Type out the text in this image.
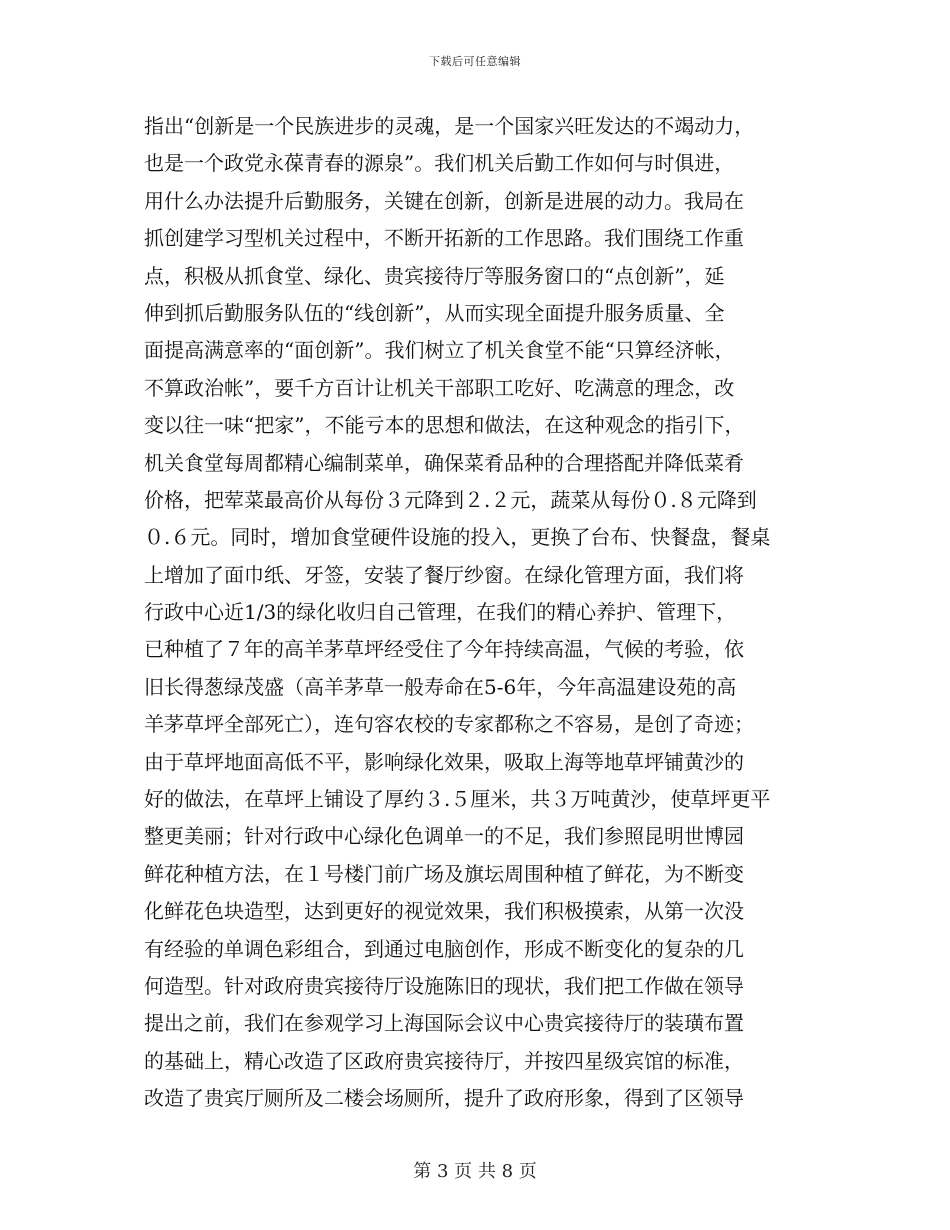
下载后可任意编辑
指出“创新是一个民族进步的灵魂，是一个国家兴旺发达的不竭动力，
也是一个政党永葆青春的源泉”。我们机关后勤工作如何与时俱进，
用什么办法提升后勤服务，关键在创新，创新是进展的动力。我局在
抓创建学习型机关过程中，不断开拓新的工作思路。我们围绕工作重
点，积极从抓食堂、绿化、贵宾接待厅等服务窗口的“点创新”，延
伸到抓后勤服务队伍的“线创新”，从而实现全面提升服务质量、全
面提高满意率的“面创新”。我们树立了机关食堂不能“只算经济帐，
不算政治帐”，要千方百计让机关干部职工吃好、吃满意的理念，改
变以往一味“把家”，不能亏本的思想和做法，在这种观念的指引下，
机关食堂每周都精心编制菜单，确保菜肴品种的合理搭配并降低菜肴
价格，把荤菜最高价从每份３元降到２.２元，蔬菜从每份０.８元降到
０.６元。同时，增加食堂硬件设施的投入，更换了台布、快餐盘，餐桌
上增加了面巾纸、牙签，安装了餐厅纱窗。在绿化管理方面，我们将
行政中心近1/3的绿化收归自己管理，在我们的精心养护、管理下，
已种植了７年的高羊茅草坪经受住了今年持续高温，气候的考验，依
旧长得葱绿茂盛（高羊茅草一般寿命在5-6年，今年高温建设苑的高
羊茅草坪全部死亡），连句容农校的专家都称之不容易，是创了奇迹；
由于草坪地面高低不平，影响绿化效果，吸取上海等地草坪铺黄沙的
好的做法，在草坪上铺设了厚约３.５厘米，共３万吨黄沙，使草坪更平
整更美丽；针对行政中心绿化色调单一的不足，我们参照昆明世博园
鲜花种植方法，在１号楼门前广场及旗坛周围种植了鲜花，为不断变
化鲜花色块造型，达到更好的视觉效果，我们积极摸索，从第一次没
有经验的单调色彩组合，到通过电脑创作，形成不断变化的复杂的几
何造型。针对政府贵宾接待厅设施陈旧的现状，我们把工作做在领导
提出之前，我们在参观学习上海国际会议中心贵宾接待厅的装璜布置
的基础上，精心改造了区政府贵宾接待厅，并按四星级宾馆的标准，
改造了贵宾厅厕所及二楼会场厕所，提升了政府形象，得到了区领导
第 3 页 共 8 页
